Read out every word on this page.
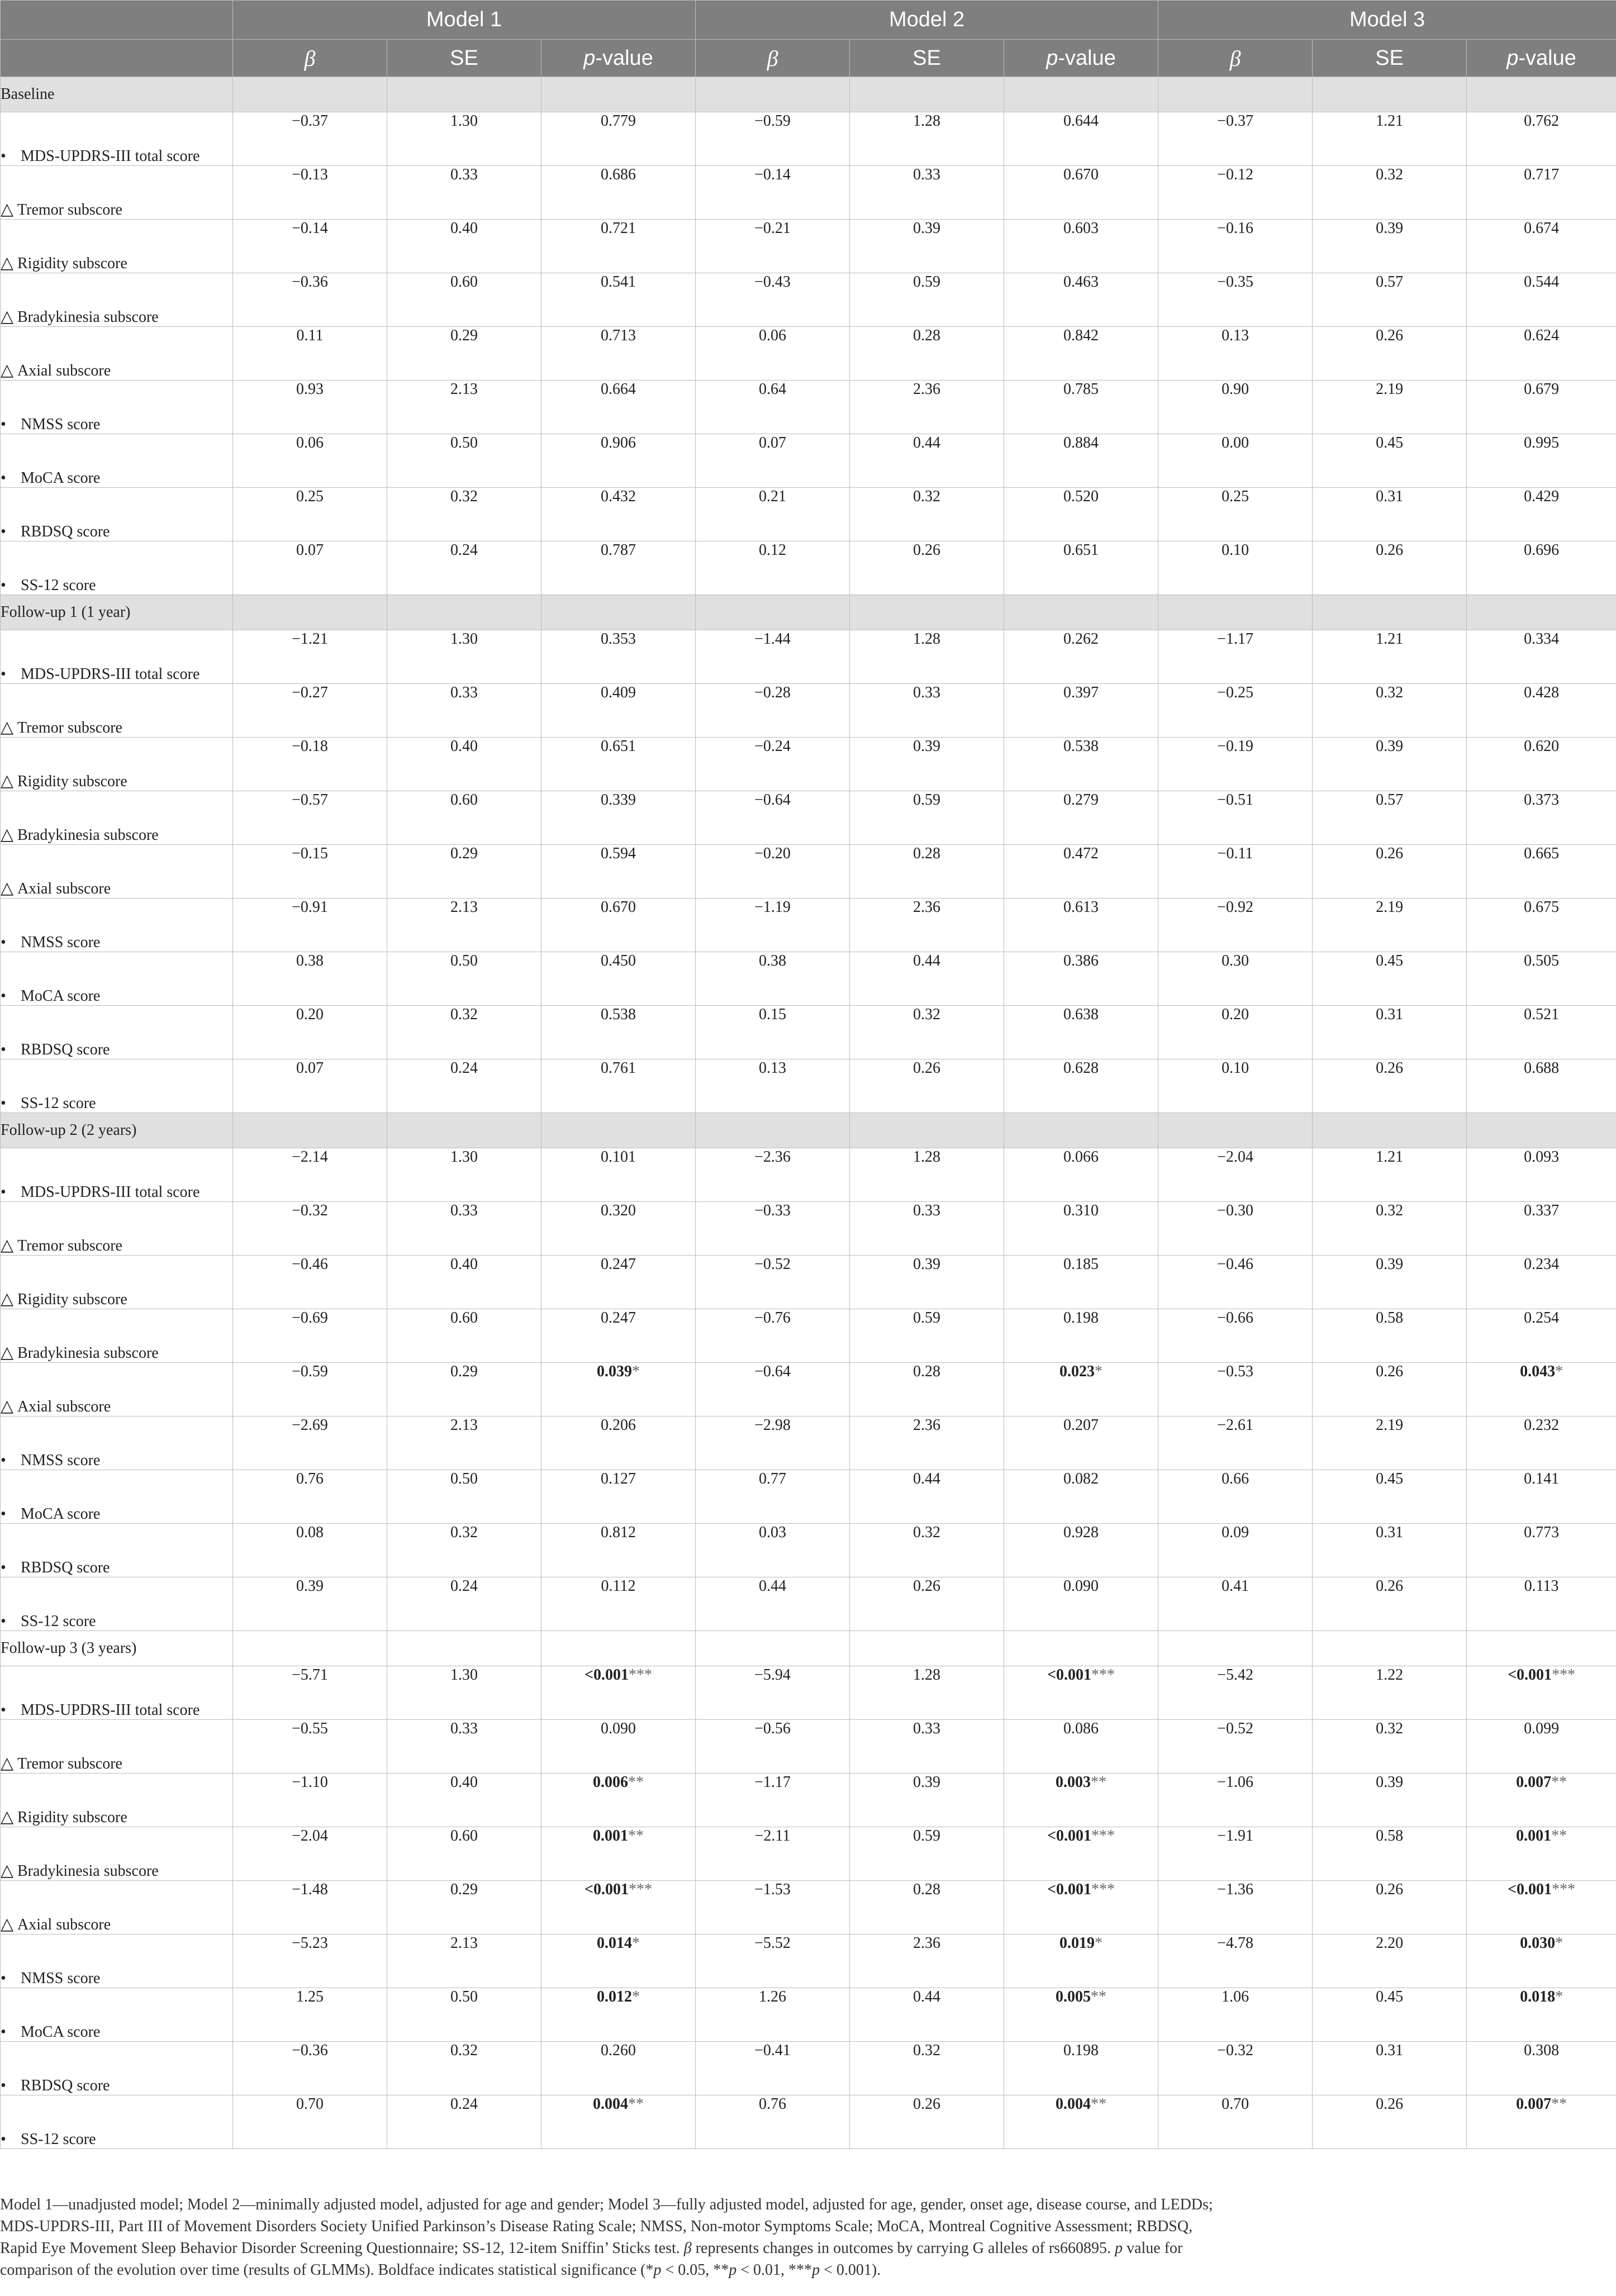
	Model 1			Model 2			Model 3		
	β	SE	p-value	β	SE	p-value	β	SE	p-value
Baseline									
• MDS-UPDRS-III total score	−0.37	1.30	0.779	−0.59	1.28	0.644	−0.37	1.21	0.762
△ Tremor subscore	−0.13	0.33	0.686	−0.14	0.33	0.670	−0.12	0.32	0.717
△ Rigidity subscore	−0.14	0.40	0.721	−0.21	0.39	0.603	−0.16	0.39	0.674
△ Bradykinesia subscore	−0.36	0.60	0.541	−0.43	0.59	0.463	−0.35	0.57	0.544
△ Axial subscore	0.11	0.29	0.713	0.06	0.28	0.842	0.13	0.26	0.624
• NMSS score	0.93	2.13	0.664	0.64	2.36	0.785	0.90	2.19	0.679
• MoCA score	0.06	0.50	0.906	0.07	0.44	0.884	0.00	0.45	0.995
• RBDSQ score	0.25	0.32	0.432	0.21	0.32	0.520	0.25	0.31	0.429
• SS-12 score	0.07	0.24	0.787	0.12	0.26	0.651	0.10	0.26	0.696
Follow-up 1 (1 year)									
• MDS-UPDRS-III total score	−1.21	1.30	0.353	−1.44	1.28	0.262	−1.17	1.21	0.334
△ Tremor subscore	−0.27	0.33	0.409	−0.28	0.33	0.397	−0.25	0.32	0.428
△ Rigidity subscore	−0.18	0.40	0.651	−0.24	0.39	0.538	−0.19	0.39	0.620
△ Bradykinesia subscore	−0.57	0.60	0.339	−0.64	0.59	0.279	−0.51	0.57	0.373
△ Axial subscore	−0.15	0.29	0.594	−0.20	0.28	0.472	−0.11	0.26	0.665
• NMSS score	−0.91	2.13	0.670	−1.19	2.36	0.613	−0.92	2.19	0.675
• MoCA score	0.38	0.50	0.450	0.38	0.44	0.386	0.30	0.45	0.505
• RBDSQ score	0.20	0.32	0.538	0.15	0.32	0.638	0.20	0.31	0.521
• SS-12 score	0.07	0.24	0.761	0.13	0.26	0.628	0.10	0.26	0.688
Follow-up 2 (2 years)									
• MDS-UPDRS-III total score	−2.14	1.30	0.101	−2.36	1.28	0.066	−2.04	1.21	0.093
△ Tremor subscore	−0.32	0.33	0.320	−0.33	0.33	0.310	−0.30	0.32	0.337
△ Rigidity subscore	−0.46	0.40	0.247	−0.52	0.39	0.185	−0.46	0.39	0.234
△ Bradykinesia subscore	−0.69	0.60	0.247	−0.76	0.59	0.198	−0.66	0.58	0.254
△ Axial subscore	−0.59	0.29	0.039*	−0.64	0.28	0.023*	−0.53	0.26	0.043*
• NMSS score	−2.69	2.13	0.206	−2.98	2.36	0.207	−2.61	2.19	0.232
• MoCA score	0.76	0.50	0.127	0.77	0.44	0.082	0.66	0.45	0.141
• RBDSQ score	0.08	0.32	0.812	0.03	0.32	0.928	0.09	0.31	0.773
• SS-12 score	0.39	0.24	0.112	0.44	0.26	0.090	0.41	0.26	0.113
Follow-up 3 (3 years)									
• MDS-UPDRS-III total score	−5.71	1.30	<0.001***	−5.94	1.28	<0.001***	−5.42	1.22	<0.001***
△ Tremor subscore	−0.55	0.33	0.090	−0.56	0.33	0.086	−0.52	0.32	0.099
△ Rigidity subscore	−1.10	0.40	0.006**	−1.17	0.39	0.003**	−1.06	0.39	0.007**
△ Bradykinesia subscore	−2.04	0.60	0.001**	−2.11	0.59	<0.001***	−1.91	0.58	0.001**
△ Axial subscore	−1.48	0.29	<0.001***	−1.53	0.28	<0.001***	−1.36	0.26	<0.001***
• NMSS score	−5.23	2.13	0.014*	−5.52	2.36	0.019*	−4.78	2.20	0.030*
• MoCA score	1.25	0.50	0.012*	1.26	0.44	0.005**	1.06	0.45	0.018*
• RBDSQ score	−0.36	0.32	0.260	−0.41	0.32	0.198	−0.32	0.31	0.308
• SS-12 score	0.70	0.24	0.004**	0.76	0.26	0.004**	0.70	0.26	0.007**
Model 1—unadjusted model; Model 2—minimally adjusted model, adjusted for age and gender; Model 3—fully adjusted model, adjusted for age, gender, onset age, disease course, and LEDDs;
MDS-UPDRS-III, Part III of Movement Disorders Society Unified Parkinson’s Disease Rating Scale; NMSS, Non-motor Symptoms Scale; MoCA, Montreal Cognitive Assessment; RBDSQ,
Rapid Eye Movement Sleep Behavior Disorder Screening Questionnaire; SS-12, 12-item Sniffin’ Sticks test. β represents changes in outcomes by carrying G alleles of rs660895. p value for
comparison of the evolution over time (results of GLMMs). Boldface indicates statistical significance (*p < 0.05, **p < 0.01, ***p < 0.001).
